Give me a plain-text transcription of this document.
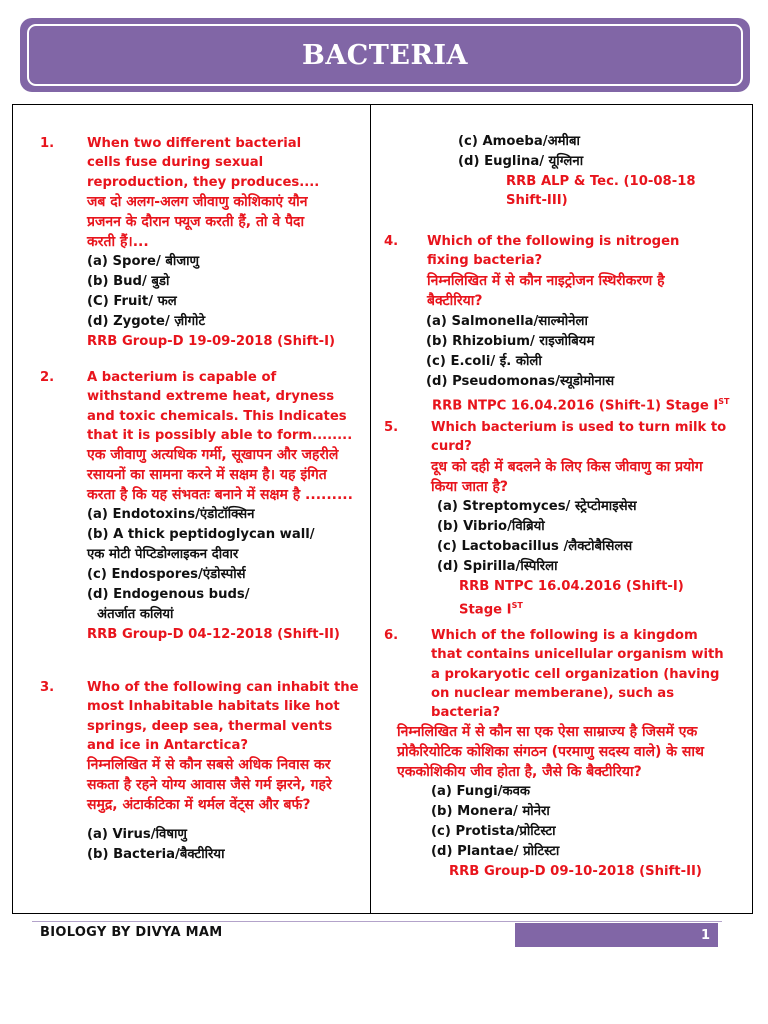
BACTERIA
1. When two different bacterial cells fuse during sexual reproduction, they produces....
जब दो अलग-अलग जीवाणु कोशिकाएं यौन प्रजनन के दौरान फ्यूज करती हैं, तो वे पैदा करती हैं।...
(a) Spore/ बीजाणु
(b) Bud/ बुडो
(C) Fruit/ फल
(d) Zygote/ ज़ीगोटे
RRB Group-D 19-09-2018 (Shift-I)
2. A bacterium is capable of withstand extreme heat, dryness and toxic chemicals. This Indicates that it is possibly able to form........
एक जीवाणु अत्यधिक गर्मी, सूखापन और जहरीले रसायनों का सामना करने में सक्षम है। यह इंगित करता है कि यह संभवतः बनाने में सक्षम है .........
(a) Endotoxins/एंडोटॉक्सिन
(b) A thick peptidoglycan wall/
एक मोटी पेप्टिडोग्लाइकन दीवार
(c) Endospores/एंडोस्पोर्स
(d) Endogenous buds/
अंतर्जात कलियां
RRB Group-D 04-12-2018 (Shift-II)
3. Who of the following can inhabit the most Inhabitable habitats like hot springs, deep sea, thermal vents and ice in Antarctica?
निम्नलिखित में से कौन सबसे अधिक निवास कर सकता है रहने योग्य आवास जैसे गर्म झरने, गहरे समुद्र, अंटार्कटिका में थर्मल वेंट्स और बर्फ?
(a) Virus/विषाणु
(b) Bacteria/बैक्टीरिया
(c) Amoeba/अमीबा
(d) Euglina/ यूग्लिना
RRB ALP & Tec. (10-08-18
Shift-III)
4. Which of the following is nitrogen fixing bacteria?
निम्नलिखित में से कौन नाइट्रोजन स्थिरीकरण है बैक्टीरिया?
(a) Salmonella/साल्मोनेला
(b) Rhizobium/ राइजोबियम
(c) E.coli/ ई. कोली
(d) Pseudomonas/स्यूडोमोनास
RRB NTPC 16.04.2016 (Shift-1) Stage IST
5. Which bacterium is used to turn milk to curd?
दूध को दही में बदलने के लिए किस जीवाणु का प्रयोग किया जाता है?
(a) Streptomyces/ स्ट्रेप्टोमाइसेस
(b) Vibrio/विब्रियो
(c) Lactobacillus /लैक्टोबैसिलस
(d) Spirilla/स्पिरिला
RRB NTPC 16.04.2016 (Shift-I)
Stage IST
6. Which of the following is a kingdom that contains unicellular organism with a prokaryotic cell organization (having on nuclear memberane), such as bacteria?
निम्नलिखित में से कौन सा एक ऐसा साम्राज्य है जिसमें एक प्रोकैरियोटिक कोशिका संगठन (परमाणु सदस्य वाले) के साथ एककोशिकीय जीव होता है, जैसे कि बैक्टीरिया?
(a) Fungi/कवक
(b) Monera/ मोनेरा
(c) Protista/प्रोटिस्टा
(d) Plantae/ प्रोटिस्टा
RRB Group-D 09-10-2018 (Shift-II)
BIOLOGY BY DIVYA MAM	1
